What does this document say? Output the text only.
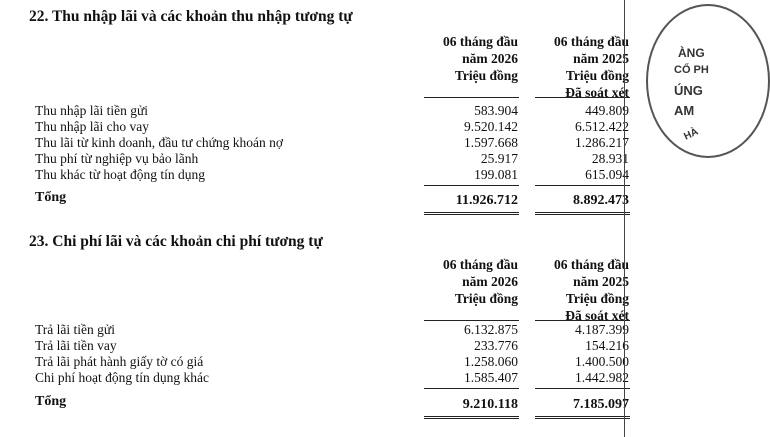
22. Thu nhập lãi và các khoản thu nhập tương tự
06 tháng đầu
năm 2026
Triệu đồng
06 tháng đầu
năm 2025
Triệu đồng
Đã soát xét
Thu nhập lãi tiền gửi	583.904	449.809
Thu nhập lãi cho vay	9.520.142	6.512.422
Thu lãi từ kinh doanh, đầu tư chứng khoán nợ	1.597.668	1.286.217
Thu phí từ nghiệp vụ bảo lãnh	25.917	28.931
Thu khác từ hoạt động tín dụng	199.081	615.094
Tổng	11.926.712	8.892.473
23. Chi phí lãi và các khoản chi phí tương tự
06 tháng đầu
năm 2026
Triệu đồng
06 tháng đầu
năm 2025
Triệu đồng
Đã soát xét
Trả lãi tiền gửi	6.132.875	4.187.399
Trả lãi tiền vay	233.776	154.216
Trả lãi phát hành giấy tờ có giá	1.258.060	1.400.500
Chi phí hoạt động tín dụng khác	1.585.407	1.442.982
Tổng	9.210.118	7.185.097
ÀNG
CỔ PH
ÚNG
AM
HÀ
